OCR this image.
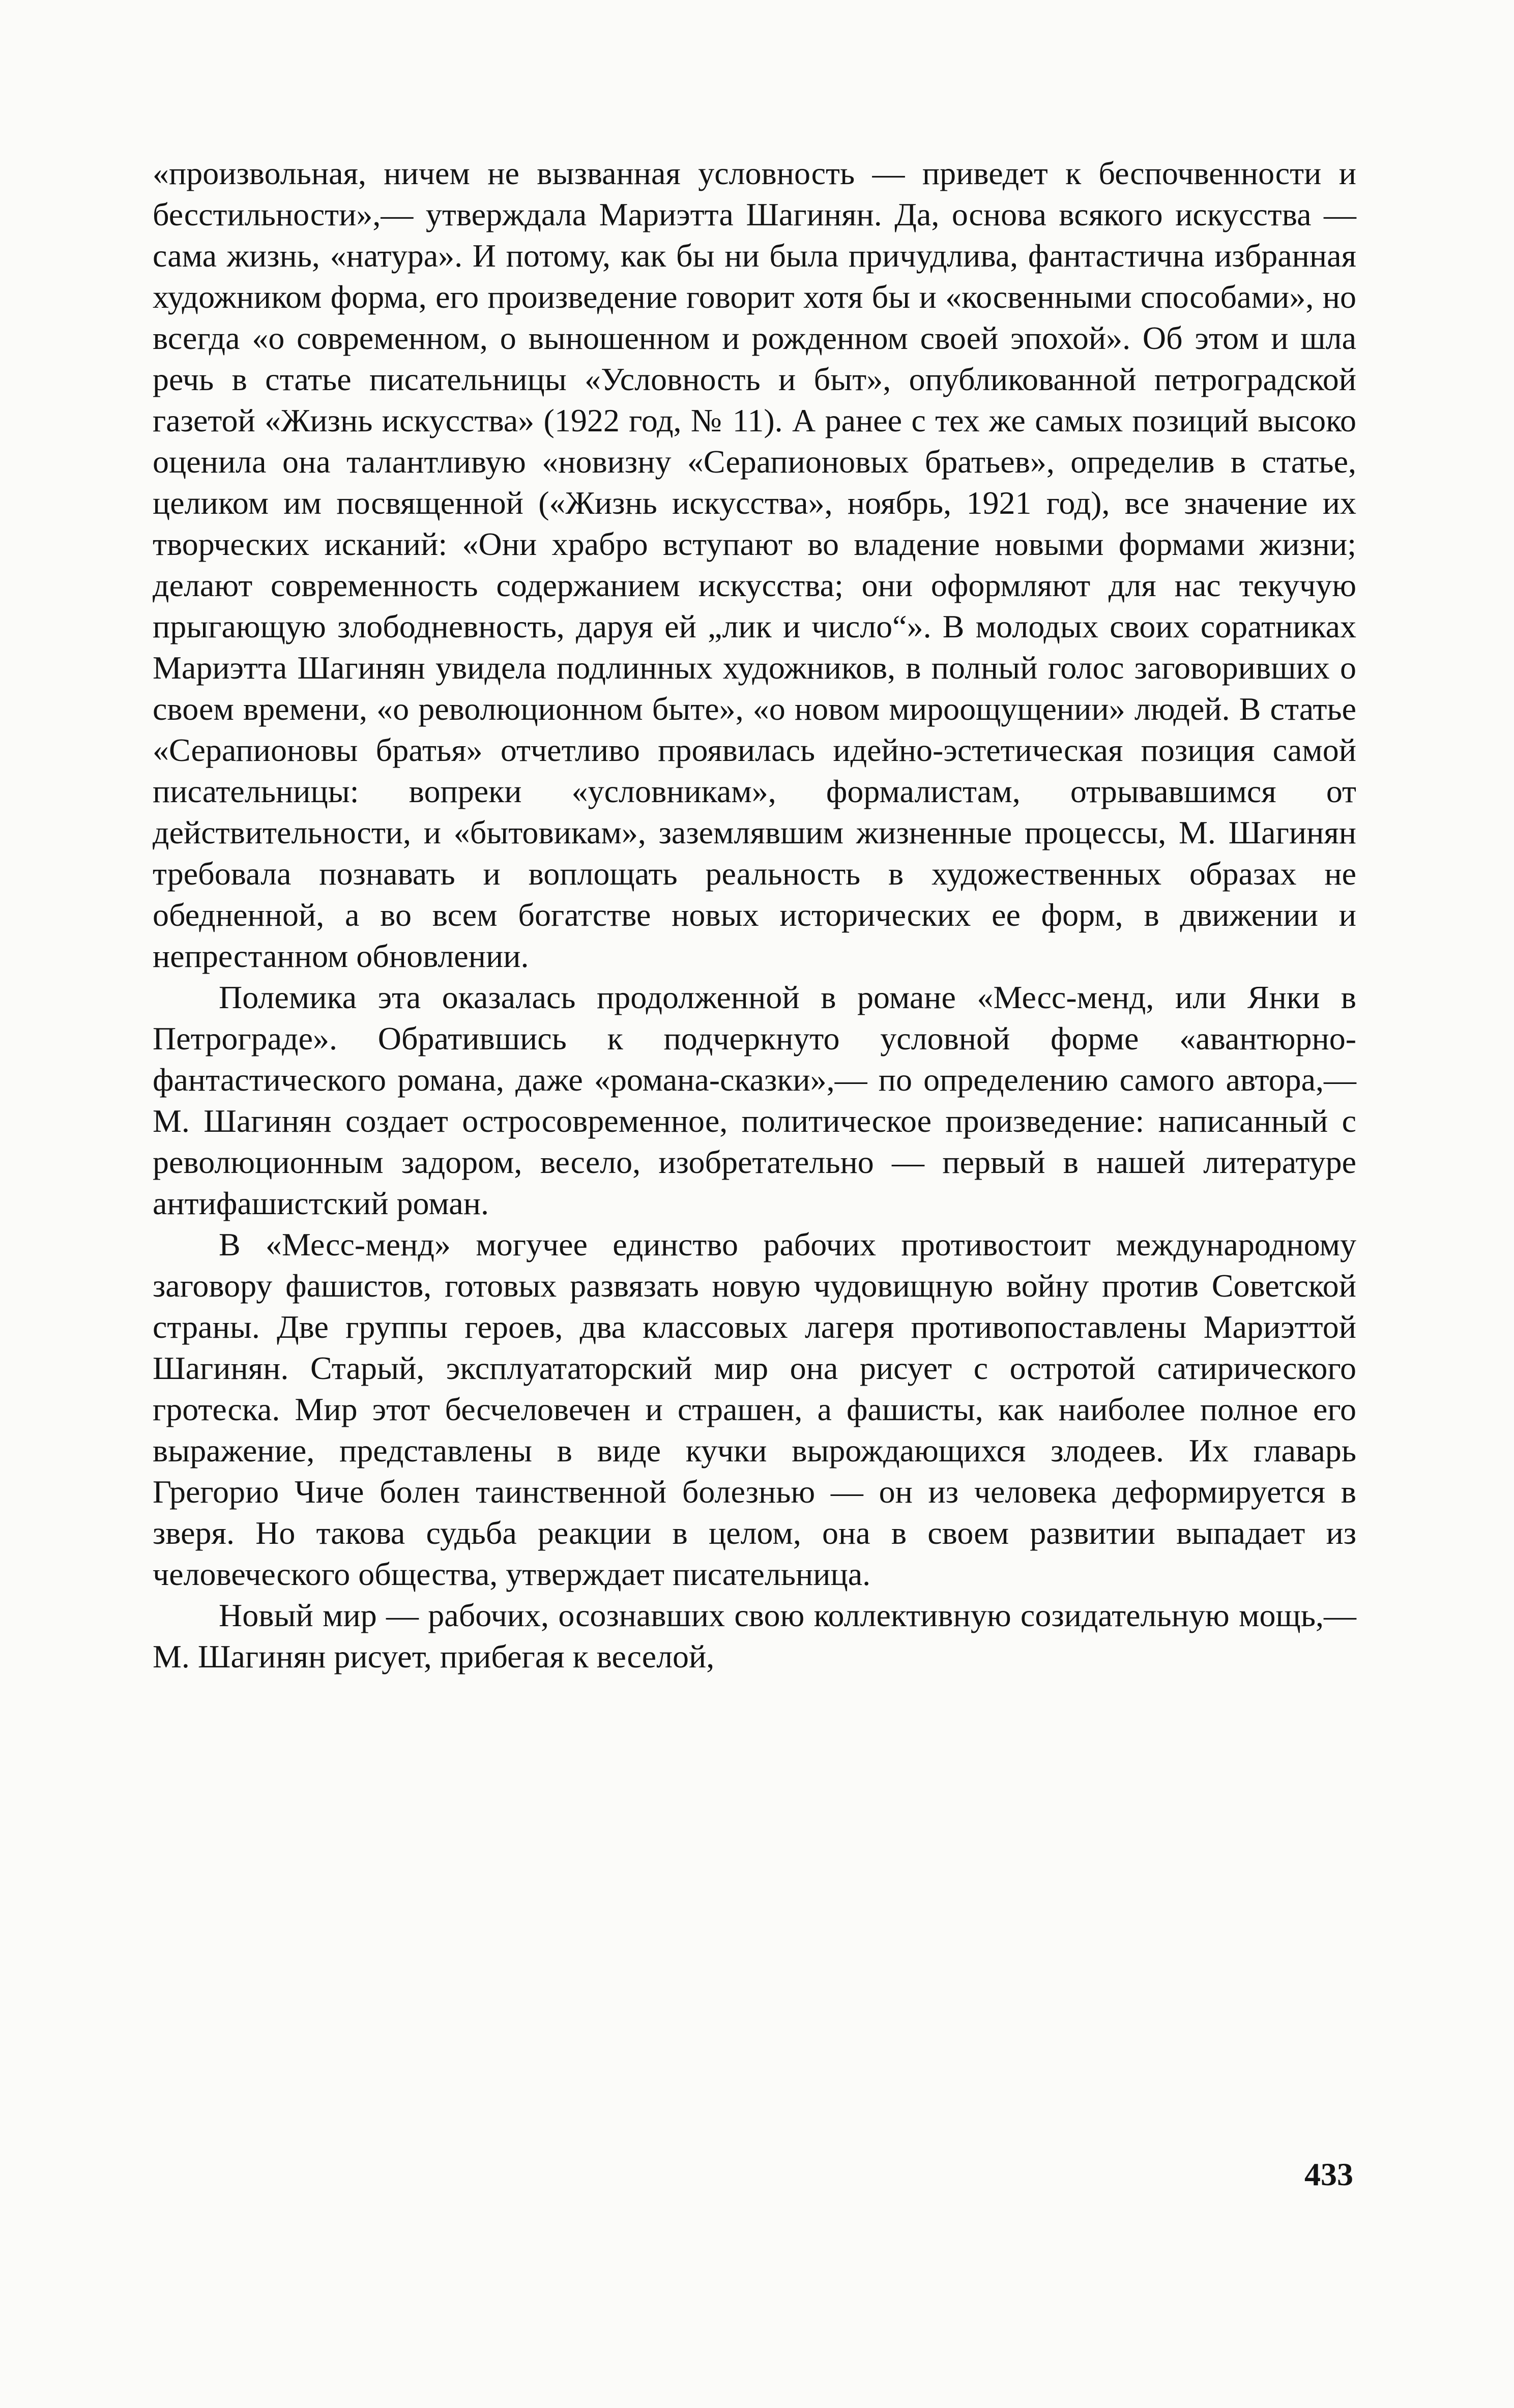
«произвольная, ничем не вызванная условность — приведет к беспочвенности и бесстильности»,— утверждала Мариэтта Шагинян. Да, основа всякого искусства — сама жизнь, «натура». И потому, как бы ни была причудлива, фантастична избранная художником форма, его произведение говорит хотя бы и «косвенными способами», но всегда «о современном, о выношенном и рожденном своей эпохой». Об этом и шла речь в статье писательницы «Условность и быт», опубликованной петроградской газетой «Жизнь искусства» (1922 год, № 11). А ранее с тех же самых позиций высоко оценила она талантливую «новизну «Серапионовых братьев», определив в статье, целиком им посвященной («Жизнь искусства», ноябрь, 1921 год), все значение их творческих исканий: «Они храбро вступают во владение новыми формами жизни; делают современность содержанием искусства; они оформляют для нас текучую прыгающую злободневность, даруя ей „лик и число“». В молодых своих соратниках Мариэтта Шагинян увидела подлинных художников, в полный голос заговоривших о своем времени, «о революционном быте», «о новом мироощущении» людей. В статье «Серапионовы братья» отчетливо проявилась идейно-эстетическая позиция самой писательницы: вопреки «условникам», формалистам, отрывавшимся от действительности, и «бытовикам», заземлявшим жизненные процессы, М. Шагинян требовала познавать и воплощать реальность в художественных образах не обедненной, а во всем богатстве новых исторических ее форм, в движении и непрестанном обновлении.

Полемика эта оказалась продолженной в романе «Месс-менд, или Янки в Петрограде». Обратившись к подчеркнуто условной форме «авантюрно-фантастического романа, даже «романа-сказки»,— по определению самого автора,— М. Шагинян создает остросовременное, политическое произведение: написанный с революционным задором, весело, изобретательно — первый в нашей литературе антифашистский роман.

В «Месс-менд» могучее единство рабочих противостоит международному заговору фашистов, готовых развязать новую чудовищную войну против Советской страны. Две группы героев, два классовых лагеря противопоставлены Мариэттой Шагинян. Старый, эксплуататорский мир она рисует с остротой сатирического гротеска. Мир этот бесчеловечен и страшен, а фашисты, как наиболее полное его выражение, представлены в виде кучки вырождающихся злодеев. Их главарь Грегорио Чиче болен таинственной болезнью — он из человека деформируется в зверя. Но такова судьба реакции в целом, она в своем развитии выпадает из человеческого общества, утверждает писательница.

Новый мир — рабочих, осознавших свою коллективную созидательную мощь,— М. Шагинян рисует, прибегая к веселой,

433
